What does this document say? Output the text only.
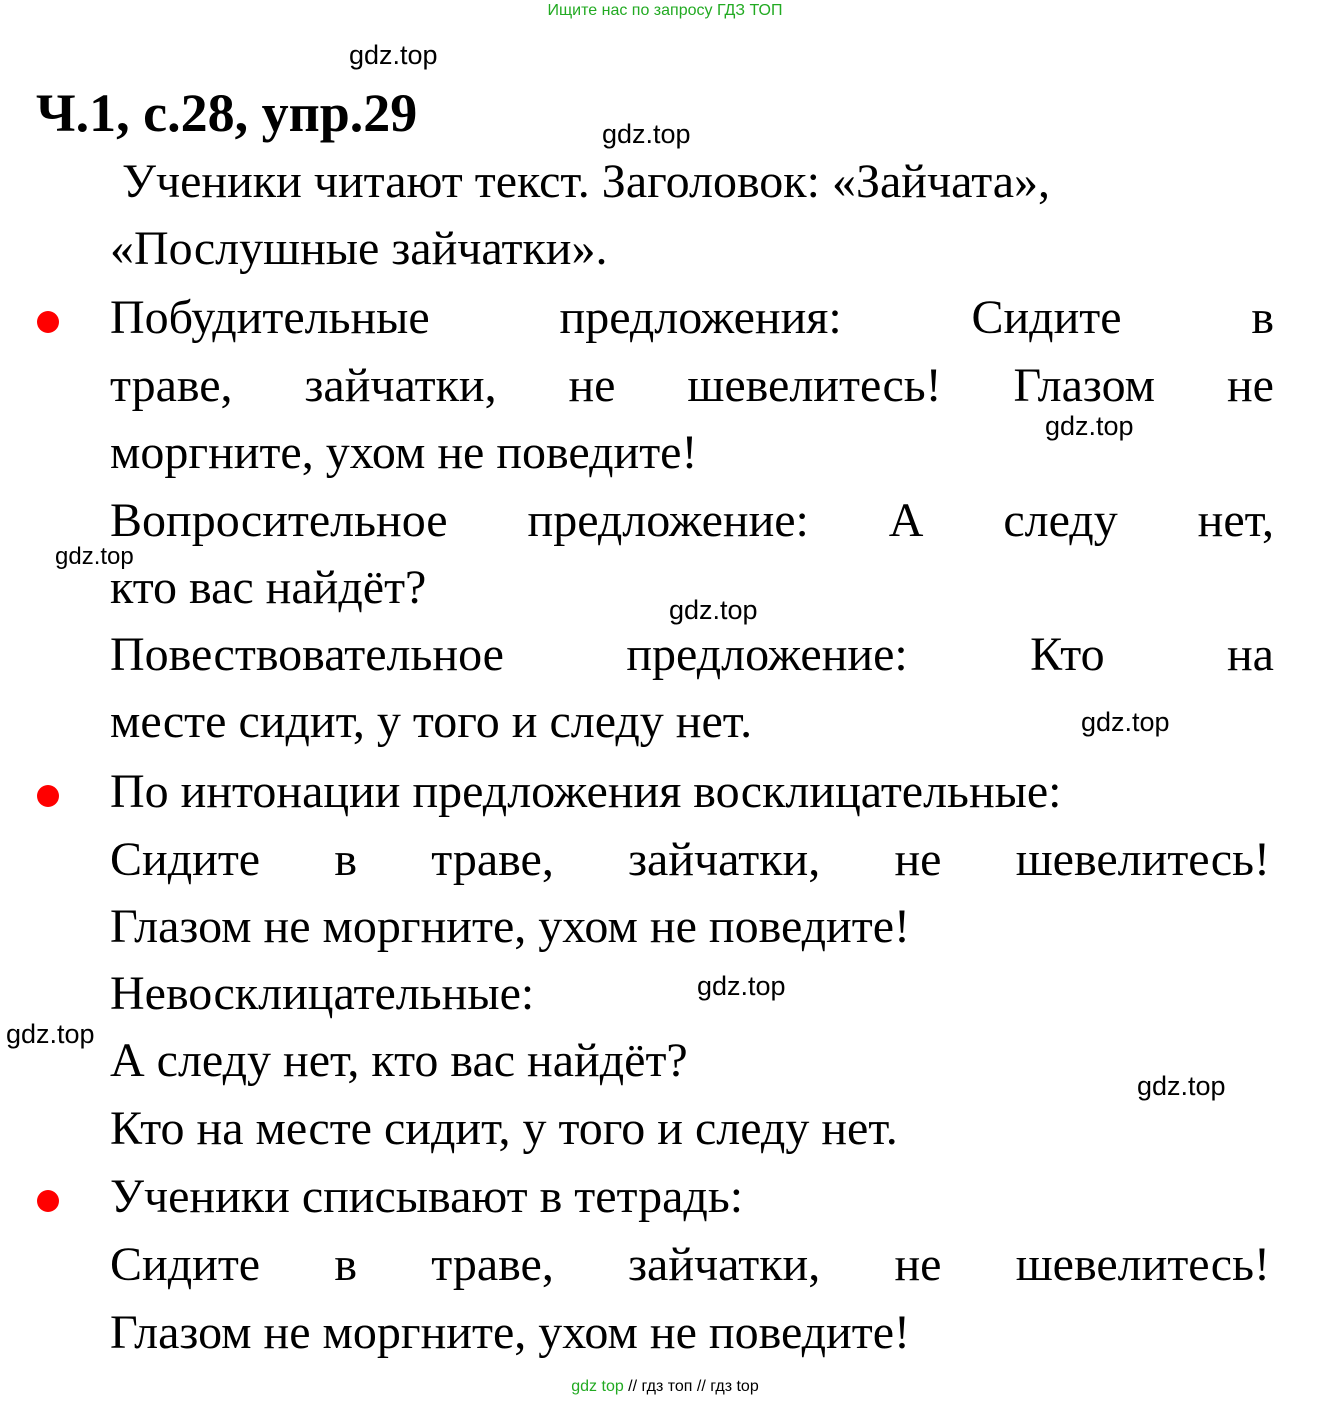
Ищите нас по запросу ГДЗ ТОП
gdz.top
gdz.top
gdz.top
gdz.top
gdz.top
gdz.top
gdz.top
gdz.top
gdz.top
Ч.1, с.28, упр.29
Ученики читают текст. Заголовок: «Зайчата»,
«Послушные зайчатки».
Побудительные	предложения:	Сидите	в
траве, зайчатки, не шевелитесь! Глазом не
моргните, ухом не поведите!
Вопросительное предложение: А следу нет,
кто вас найдёт?
Повествовательное	предложение:	Кто	на
месте сидит, у того и следу нет.
По интонации предложения восклицательные:
Сидите в траве, зайчатки, не шевелитесь!
Глазом не моргните, ухом не поведите!
Невосклицательные:
А следу нет, кто вас найдёт?
Кто на месте сидит, у того и следу нет.
Ученики списывают в тетрадь:
Сидите в траве, зайчатки, не шевелитесь!
Глазом не моргните, ухом не поведите!
gdz top // гдз топ // гдз top
